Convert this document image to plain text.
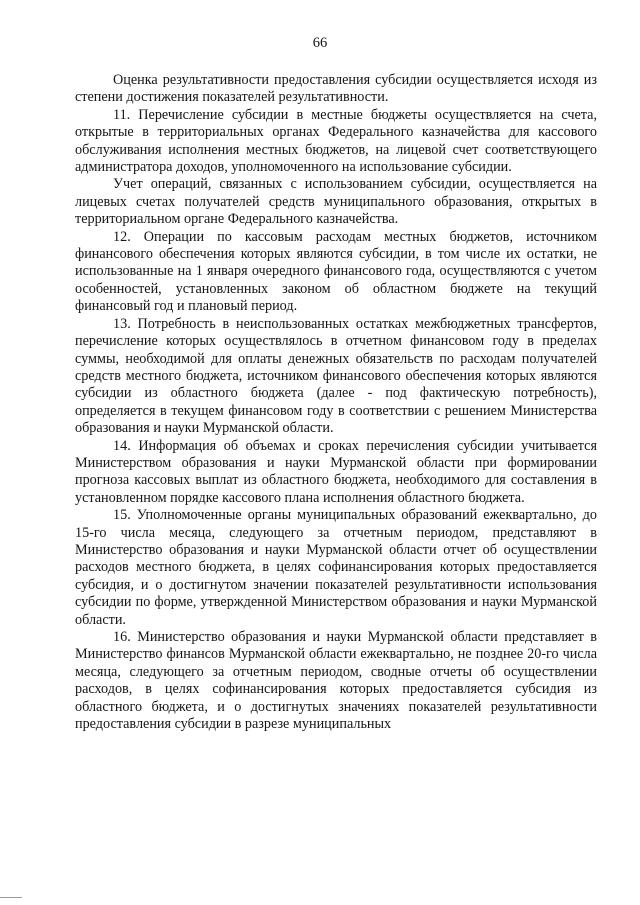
66

Оценка результативности предоставления субсидии осуществляется исходя из степени достижения показателей результативности.

11. Перечисление субсидии в местные бюджеты осуществляется на счета, открытые в территориальных органах Федерального казначейства для кассового обслуживания исполнения местных бюджетов, на лицевой счет соответствующего администратора доходов, уполномоченного на использование субсидии.

Учет операций, связанных с использованием субсидии, осуществляется на лицевых счетах получателей средств муниципального образования, открытых в территориальном органе Федерального казначейства.

12. Операции по кассовым расходам местных бюджетов, источником финансового обеспечения которых являются субсидии, в том числе их остатки, не использованные на 1 января очередного финансового года, осуществляются с учетом особенностей, установленных законом об областном бюджете на текущий финансовый год и плановый период.

13. Потребность в неиспользованных остатках межбюджетных трансфертов, перечисление которых осуществлялось в отчетном финансовом году в пределах суммы, необходимой для оплаты денежных обязательств по расходам получателей средств местного бюджета, источником финансового обеспечения которых являются субсидии из областного бюджета (далее - под фактическую потребность), определяется в текущем финансовом году в соответствии с решением Министерства образования и науки Мурманской области.

14. Информация об объемах и сроках перечисления субсидии учитывается Министерством образования и науки Мурманской области при формировании прогноза кассовых выплат из областного бюджета, необходимого для составления в установленном порядке кассового плана исполнения областного бюджета.

15. Уполномоченные органы муниципальных образований ежеквартально, до 15-го числа месяца, следующего за отчетным периодом, представляют в Министерство образования и науки Мурманской области отчет об осуществлении расходов местного бюджета, в целях софинансирования которых предоставляется субсидия, и о достигнутом значении показателей результативности использования субсидии по форме, утвержденной Министерством образования и науки Мурманской области.

16. Министерство образования и науки Мурманской области представляет в Министерство финансов Мурманской области ежеквартально, не позднее 20-го числа месяца, следующего за отчетным периодом, сводные отчеты об осуществлении расходов, в целях софинансирования которых предоставляется субсидия из областного бюджета, и о достигнутых значениях показателей результативности предоставления субсидии в разрезе муниципальных
